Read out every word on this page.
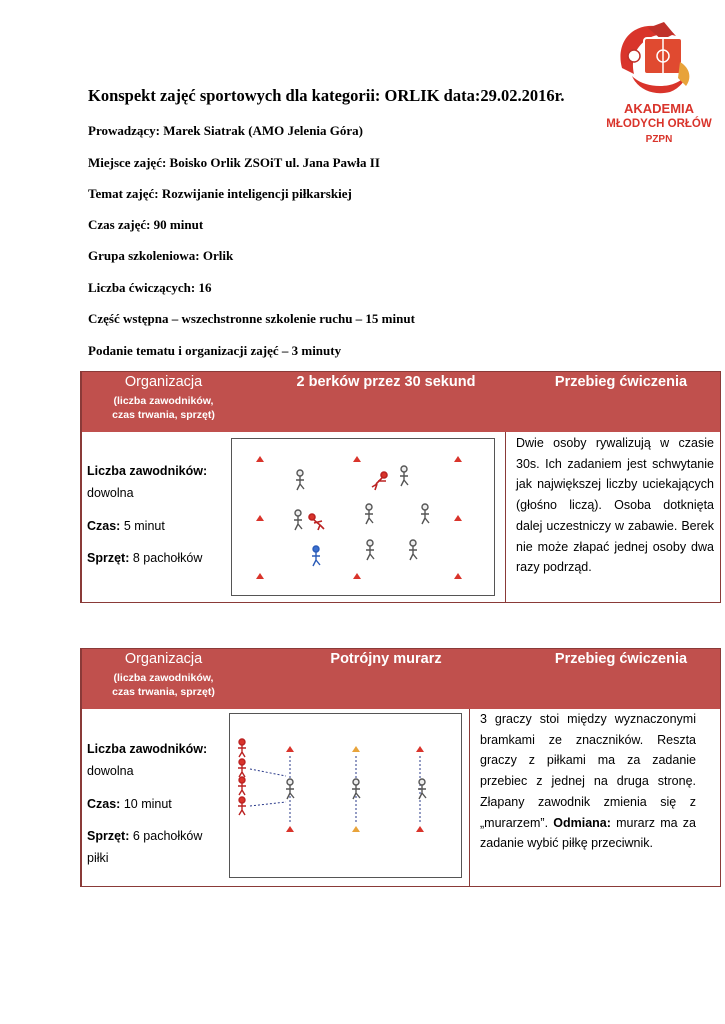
AKADEMIA
MŁODYCH ORŁÓW
PZPN
Konspekt zajęć sportowych dla kategorii: ORLIK data:29.02.2016r.
Prowadzący: Marek Siatrak (AMO Jelenia Góra)
Miejsce zajęć: Boisko Orlik ZSOiT ul. Jana Pawła II
Temat zajęć: Rozwijanie inteligencji piłkarskiej
Czas zajęć: 90 minut
Grupa szkoleniowa: Orlik
Liczba ćwiczących: 16
Część wstępna – wszechstronne szkolenie ruchu – 15 minut
Podanie tematu i organizacji zajęć – 3 minuty
Organizacja
(liczba zawodników,
czas trwania, sprzęt)
2 berków przez 30 sekund	Przebieg ćwiczenia
Liczba zawodników:
dowolna
Czas: 5 minut
Sprzęt: 8 pachołków
Dwie osoby rywalizują w czasie 30s. Ich zadaniem jest schwytanie jak największej liczby uciekających (głośno liczą). Osoba dotknięta dalej uczestniczy w zabawie. Berek nie może złapać jednej osoby dwa razy podrząd.
Organizacja
(liczba zawodników,
czas trwania, sprzęt)
Potrójny murarz	Przebieg ćwiczenia
Liczba zawodników:
dowolna
Czas: 10 minut
Sprzęt: 6 pachołków
piłki
3 graczy stoi między wyznaczonymi bramkami ze znaczników. Reszta graczy z piłkami ma za zadanie przebiec z jednej na druga stronę. Złapany zawodnik zmienia się z „murarzem”. Odmiana: murarz ma za zadanie wybić piłkę przeciwnik.
